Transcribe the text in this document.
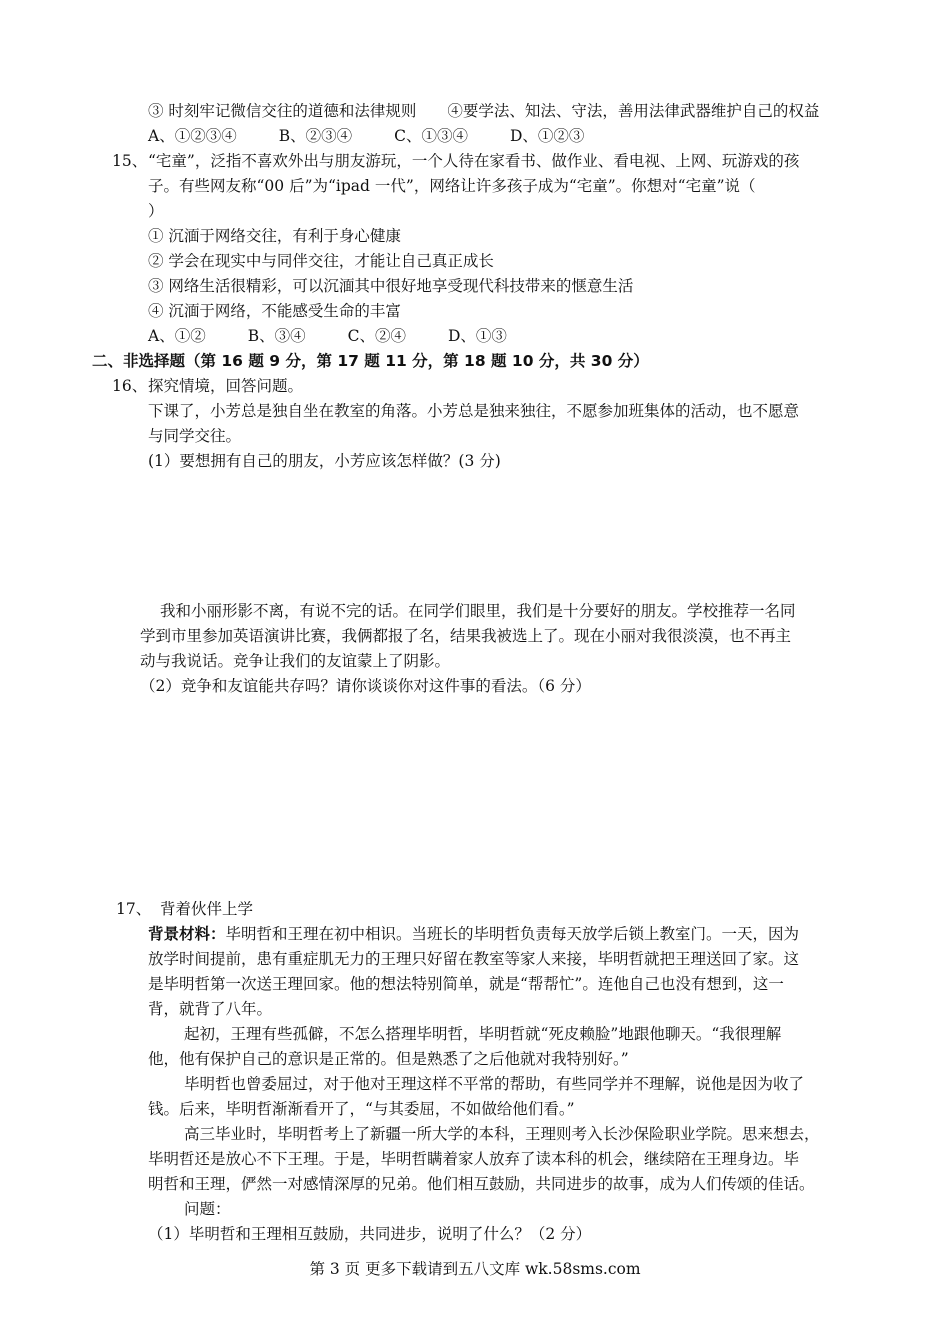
③ 时刻牢记微信交往的道德和法律规则　　④要学法、知法、守法，善用法律武器维护自己的权益
A、①②③④	B、②③④	C、①③④	D、①②③
15、 “宅童”，泛指不喜欢外出与朋友游玩，一个人待在家看书、做作业、看电视、上网、玩游戏的孩
子。有些网友称“00 后”为“ipad 一代”，网络让许多孩子成为“宅童”。你想对“宅童”说（
）
① 沉湎于网络交往，有利于身心健康
② 学会在现实中与同伴交往，才能让自己真正成长
③ 网络生活很精彩，可以沉湎其中很好地享受现代科技带来的惬意生活
④ 沉湎于网络，不能感受生命的丰富
A、①②	B、③④	C、②④	D、①③
二、非选择题（第 16 题 9 分，第 17 题 11 分，第 18 题 10 分，共 30 分）
16、 探究情境，回答问题。
下课了，小芳总是独自坐在教室的角落。小芳总是独来独往，不愿参加班集体的活动，也不愿意
与同学交往。
(1）要想拥有自己的朋友，小芳应该怎样做？(3 分)
我和小丽形影不离，有说不完的话。在同学们眼里，我们是十分要好的朋友。学校推荐一名同
学到市里参加英语演讲比赛，我俩都报了名，结果我被选上了。现在小丽对我很淡漠，也不再主
动与我说话。竞争让我们的友谊蒙上了阴影。
（2）竞争和友谊能共存吗？请你谈谈你对这件事的看法。（6 分）
17、 背着伙伴上学
背景材料：毕明哲和王理在初中相识。当班长的毕明哲负责每天放学后锁上教室门。一天，因为
放学时间提前，患有重症肌无力的王理只好留在教室等家人来接，毕明哲就把王理送回了家。这
是毕明哲第一次送王理回家。他的想法特别简单，就是“帮帮忙”。连他自己也没有想到，这一
背，就背了八年。
起初，王理有些孤僻，不怎么搭理毕明哲，毕明哲就“死皮赖脸”地跟他聊天。“我很理解
他，他有保护自己的意识是正常的。但是熟悉了之后他就对我特别好。”
毕明哲也曾委屈过，对于他对王理这样不平常的帮助，有些同学并不理解，说他是因为收了
钱。后来，毕明哲渐渐看开了，“与其委屈，不如做给他们看。”
高三毕业时，毕明哲考上了新疆一所大学的本科，王理则考入长沙保险职业学院。思来想去，
毕明哲还是放心不下王理。于是，毕明哲瞒着家人放弃了读本科的机会，继续陪在王理身边。毕
明哲和王理，俨然一对感情深厚的兄弟。他们相互鼓励，共同进步的故事，成为人们传颂的佳话。
问题：
（1）毕明哲和王理相互鼓励，共同进步，说明了什么？（2 分）
第 3 页 更多下载请到五八文库 wk.58sms.com
